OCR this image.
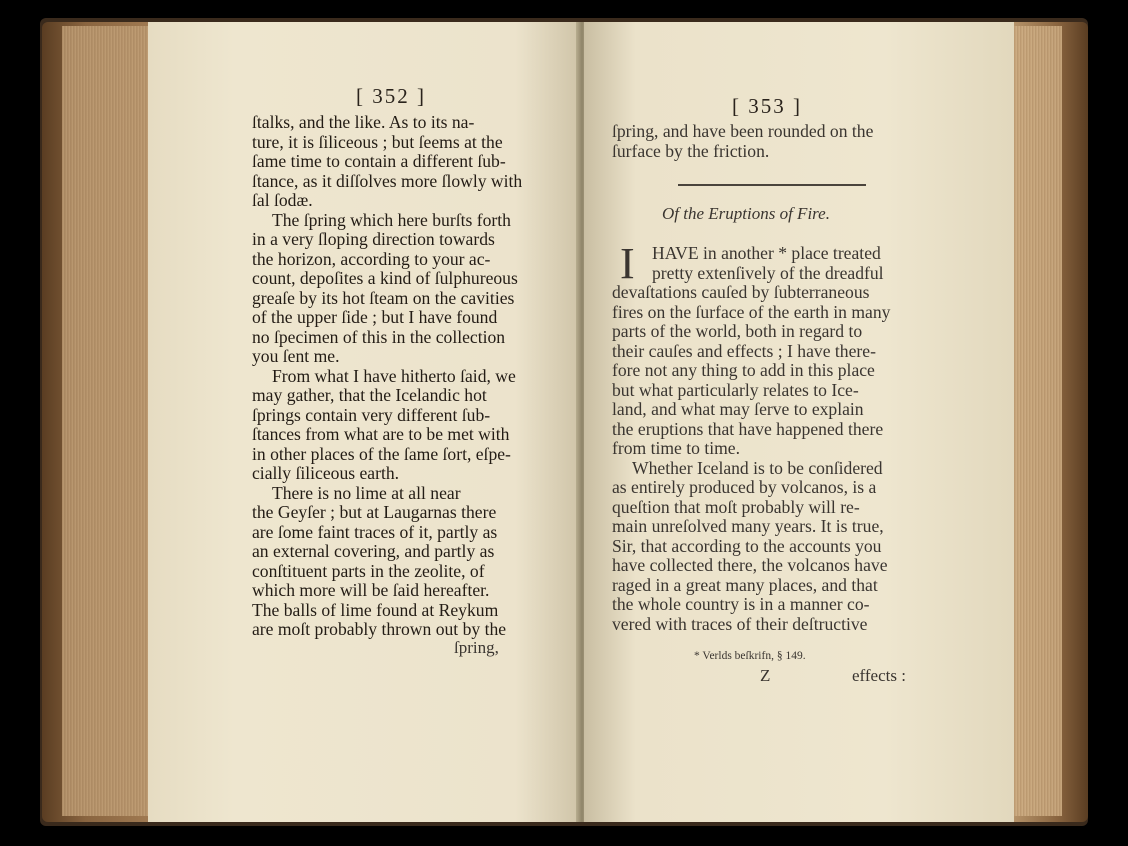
[ 352 ]
ſtalks, and the like. As to its na-
ture, it is ſiliceous ; but ſeems at the
ſame time to contain a different ſub-
ſtance, as it diſſolves more ſlowly with
ſal ſodæ.
The ſpring which here burſts forth
in a very ſloping direction towards
the horizon, according to your ac-
count, depoſites a kind of ſulphureous
greaſe by its hot ſteam on the cavities
of the upper ſide ; but I have found
no ſpecimen of this in the collection
you ſent me.
From what I have hitherto ſaid, we
may gather, that the Icelandic hot
ſprings contain very different ſub-
ſtances from what are to be met with
in other places of the ſame ſort, eſpe-
cially ſiliceous earth.
There is no lime at all near
the Geyſer ; but at Laugarnas there
are ſome faint traces of it, partly as
an external covering, and partly as
conſtituent parts in the zeolite, of
which more will be ſaid hereafter.
The balls of lime found at Reykum
are moſt probably thrown out by the
ſpring,
[ 353 ]
ſpring, and have been rounded on the
ſurface by the friction.
Of the Eruptions of Fire.
I HAVE in another * place treated
pretty extenſively of the dreadful
devaſtations cauſed by ſubterraneous
fires on the ſurface of the earth in many
parts of the world, both in regard to
their cauſes and effects ; I have there-
fore not any thing to add in this place
but what particularly relates to Ice-
land, and what may ſerve to explain
the eruptions that have happened there
from time to time.
Whether Iceland is to be conſidered
as entirely produced by volcanos, is a
queſtion that moſt probably will re-
main unreſolved many years. It is true,
Sir, that according to the accounts you
have collected there, the volcanos have
raged in a great many places, and that
the whole country is in a manner co-
vered with traces of their deſtructive
* Verlds beſkrifn, § 149.
Z	effects :
